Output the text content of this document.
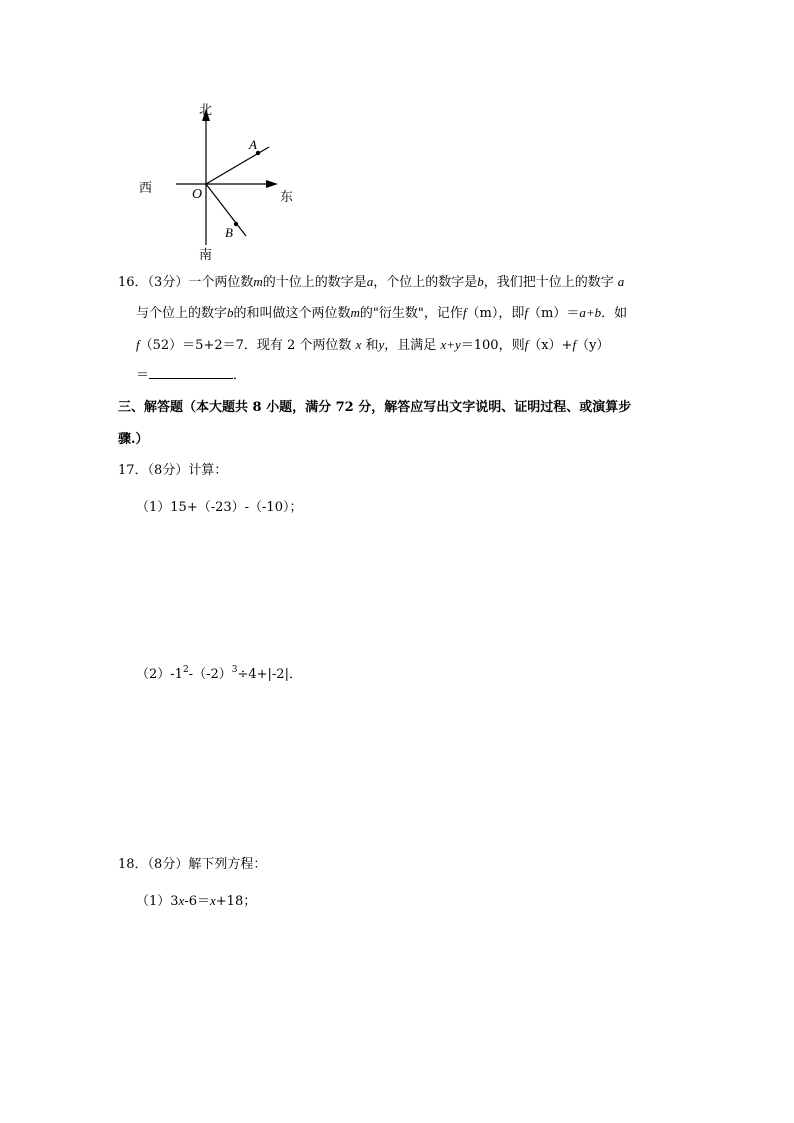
北
西
东
南
O
A
B
16．（3分）一个两位数m的十位上的数字是a，个位上的数字是b，我们把十位上的数字 a
与个位上的数字b的和叫做这个两位数m的"衍生数"，记作f（m），即f（m）＝a+b．如
f（52）＝5+2＝7．现有 2 个两位数 x 和y，且满足 x+y＝100，则f（x）+f（y）
＝	．
三、解答题（本大题共 8 小题，满分 72 分，解答应写出文字说明、证明过程、或演算步
骤.）
17．（8分）计算：
（1）15+（-23）-（-10）；
$(2)-1^2-(-2)^3\div 4+|-2|$．
18．（8分）解下列方程：
（1）3x-6＝x+18；
